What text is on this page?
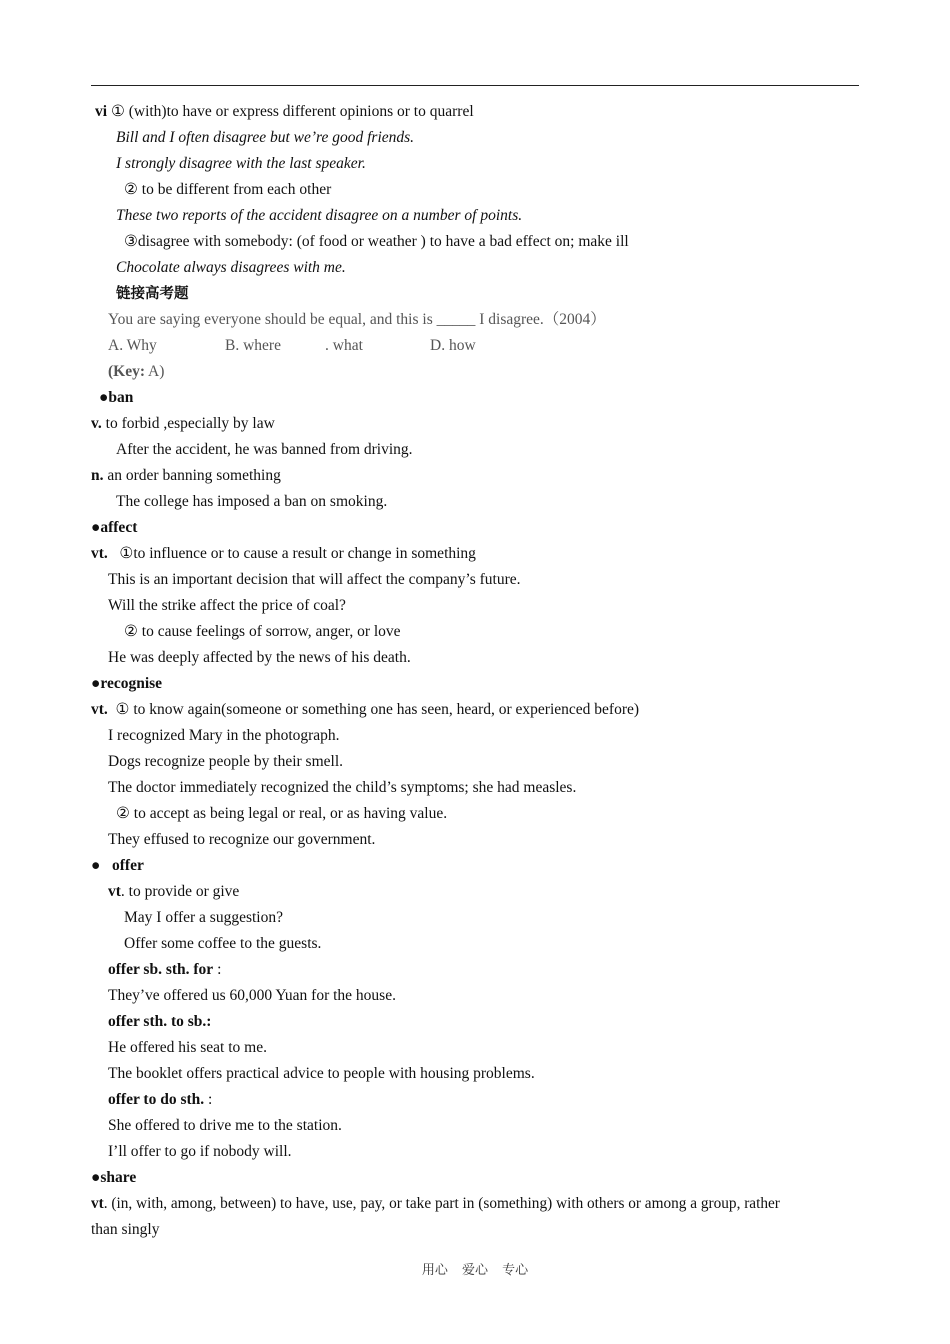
vi ① (with)to have or express different opinions or to quarrel
Bill and I often disagree but we’re good friends.
I strongly disagree with the last speaker.
② to be different from each other
These two reports of the accident disagree on a number of points.
③disagree with somebody: (of food or weather ) to have a bad effect on; make ill
Chocolate always disagrees with me.
链接高考题
You are saying everyone should be equal, and this is _____ I disagree.（2004）
A. Why	B. where	. what	D. how
(Key: A)
●ban
v. to forbid ,especially by law
After the accident, he was banned from driving.
n. an order banning something
The college has imposed a ban on smoking.
●affect
vt. ①to influence or to cause a result or change in something
This is an important decision that will affect the company’s future.
Will the strike affect the price of coal?
② to cause feelings of sorrow, anger, or love
He was deeply affected by the news of his death.
●recognise
vt. ① to know again(someone or something one has seen, heard, or experienced before)
I recognized Mary in the photograph.
Dogs recognize people by their smell.
The doctor immediately recognized the child’s symptoms; she had measles.
② to accept as being legal or real, or as having value.
They effused to recognize our government.
● offer
vt. to provide or give
May I offer a suggestion?
Offer some coffee to the guests.
offer sb. sth. for :
They’ve offered us 60,000 Yuan for the house.
offer sth. to sb.:
He offered his seat to me.
The booklet offers practical advice to people with housing problems.
offer to do sth. :
She offered to drive me to the station.
I’ll offer to go if nobody will.
●share
vt. (in, with, among, between) to have, use, pay, or take part in (something) with others or among a group, rather
than singly
用心 爱心 专心
